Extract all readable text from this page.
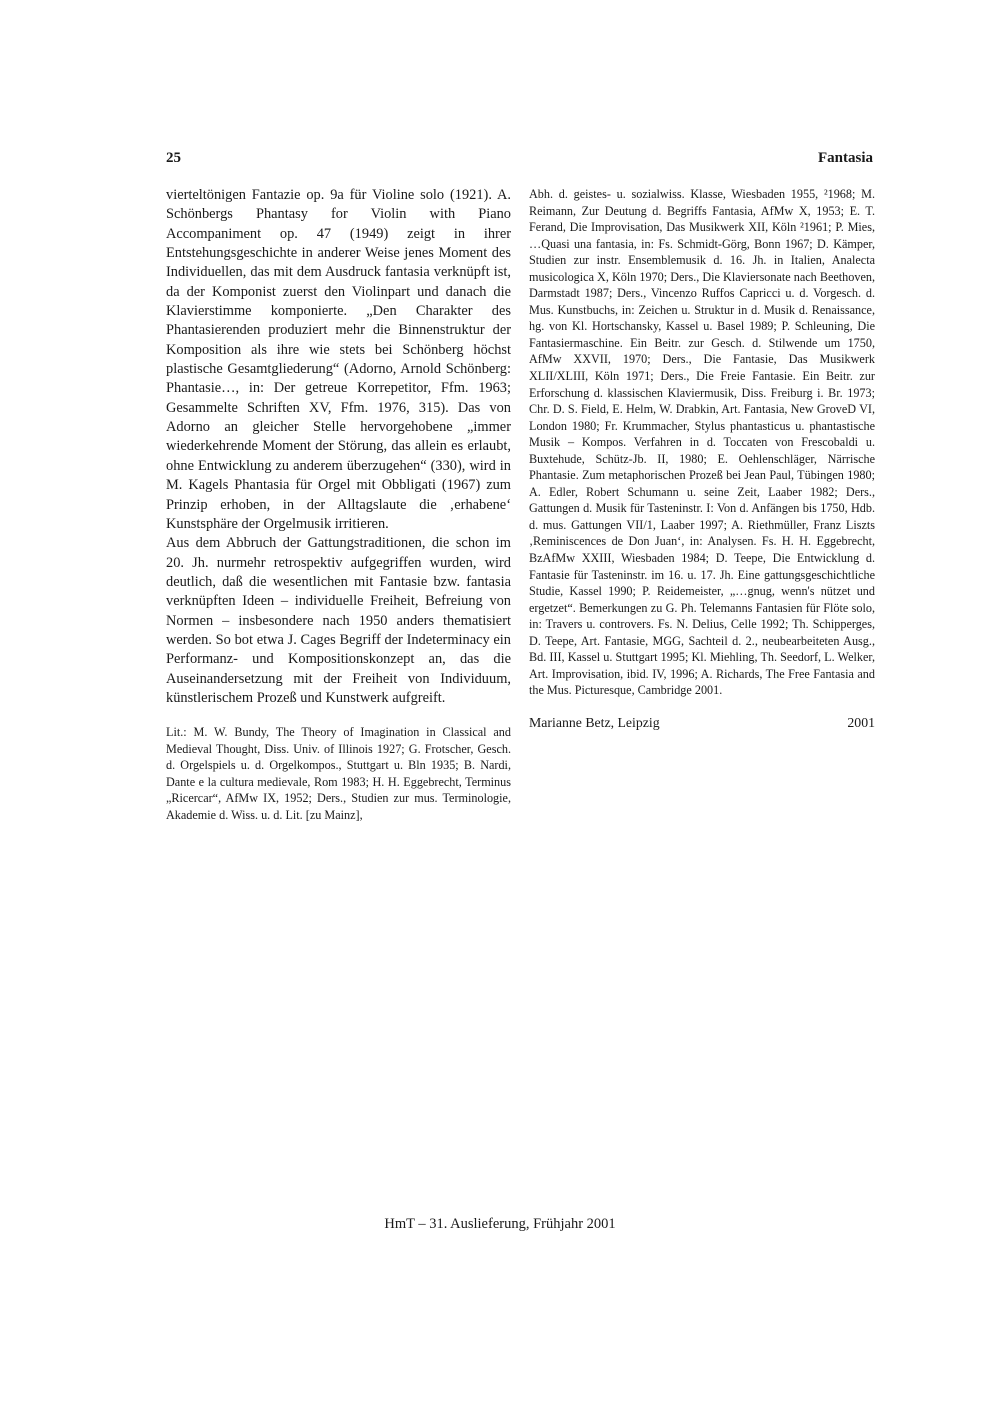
25	Fantasia

vierteltönigen Fantazie op. 9a für Violine solo (1921). A. Schönbergs Phantasy for Violin with Piano Accompaniment op. 47 (1949) zeigt in ihrer Entstehungsgeschichte in anderer Weise jenes Moment des Individuellen, das mit dem Ausdruck fantasia verknüpft ist, da der Komponist zuerst den Violinpart und danach die Klavierstimme komponierte. „Den Charakter des Phantasierenden produziert mehr die Binnenstruktur der Komposition als ihre wie stets bei Schönberg höchst plastische Gesamtgliederung“ (Adorno, Arnold Schönberg: Phantasie…, in: Der getreue Korrepetitor, Ffm. 1963; Gesammelte Schriften XV, Ffm. 1976, 315). Das von Adorno an gleicher Stelle hervorgehobene „immer wiederkehrende Moment der Störung, das allein es erlaubt, ohne Entwicklung zu anderem überzugehen“ (330), wird in M. Kagels Phantasia für Orgel mit Obbligati (1967) zum Prinzip erhoben, in der Alltagslaute die ‚erhabene‘ Kunstsphäre der Orgelmusik irritieren.

Aus dem Abbruch der Gattungstraditionen, die schon im 20. Jh. nurmehr retrospektiv aufgegriffen wurden, wird deutlich, daß die wesentlichen mit Fantasie bzw. fantasia verknüpften Ideen – individuelle Freiheit, Befreiung von Normen – insbesondere nach 1950 anders thematisiert werden. So bot etwa J. Cages Begriff der Indeterminacy ein Performanz- und Kompositionskonzept an, das die Auseinandersetzung mit der Freiheit von Individuum, künstlerischem Prozeß und Kunstwerk aufgreift.

Lit.: M. W. Bundy, The Theory of Imagination in Classical and Medieval Thought, Diss. Univ. of Illinois 1927; G. Frotscher, Gesch. d. Orgelspiels u. d. Orgelkompos., Stuttgart u. Bln 1935; B. Nardi, Dante e la cultura medievale, Rom 1983; H. H. Eggebrecht, Terminus „Ricercar“, AfMw IX, 1952; Ders., Studien zur mus. Terminologie, Akademie d. Wiss. u. d. Lit. [zu Mainz],

Abh. d. geistes- u. sozialwiss. Klasse, Wiesbaden 1955, ²1968; M. Reimann, Zur Deutung d. Begriffs Fantasia, AfMw X, 1953; E. T. Ferand, Die Improvisation, Das Musikwerk XII, Köln ²1961; P. Mies, …Quasi una fantasia, in: Fs. Schmidt-Görg, Bonn 1967; D. Kämper, Studien zur instr. Ensemblemusik d. 16. Jh. in Italien, Analecta musicologica X, Köln 1970; Ders., Die Klaviersonate nach Beethoven, Darmstadt 1987; Ders., Vincenzo Ruffos Capricci u. d. Vorgesch. d. Mus. Kunstbuchs, in: Zeichen u. Struktur in d. Musik d. Renaissance, hg. von Kl. Hortschansky, Kassel u. Basel 1989; P. Schleuning, Die Fantasiermaschine. Ein Beitr. zur Gesch. d. Stilwende um 1750, AfMw XXVII, 1970; Ders., Die Fantasie, Das Musikwerk XLII/XLIII, Köln 1971; Ders., Die Freie Fantasie. Ein Beitr. zur Erforschung d. klassischen Klaviermusik, Diss. Freiburg i. Br. 1973; Chr. D. S. Field, E. Helm, W. Drabkin, Art. Fantasia, New GroveD VI, London 1980; Fr. Krummacher, Stylus phantasticus u. phantastische Musik – Kompos. Verfahren in d. Toccaten von Frescobaldi u. Buxtehude, Schütz-Jb. II, 1980; E. Oehlenschläger, Närrische Phantasie. Zum metaphorischen Prozeß bei Jean Paul, Tübingen 1980; A. Edler, Robert Schumann u. seine Zeit, Laaber 1982; Ders., Gattungen d. Musik für Tasteninstr. I: Von d. Anfängen bis 1750, Hdb. d. mus. Gattungen VII/1, Laaber 1997; A. Riethmüller, Franz Liszts ‚Reminiscences de Don Juan‘, in: Analysen. Fs. H. H. Eggebrecht, BzAfMw XXIII, Wiesbaden 1984; D. Teepe, Die Entwicklung d. Fantasie für Tasteninstr. im 16. u. 17. Jh. Eine gattungsgeschichtliche Studie, Kassel 1990; P. Reidemeister, „…gnug, wenn's nützet und ergetzet“. Bemerkungen zu G. Ph. Telemanns Fantasien für Flöte solo, in: Travers u. controvers. Fs. N. Delius, Celle 1992; Th. Schipperges, D. Teepe, Art. Fantasie, MGG, Sachteil d. 2., neubearbeiteten Ausg., Bd. III, Kassel u. Stuttgart 1995; Kl. Miehling, Th. Seedorf, L. Welker, Art. Improvisation, ibid. IV, 1996; A. Richards, The Free Fantasia and the Mus. Picturesque, Cambridge 2001.

Marianne Betz, Leipzig	2001

HmT – 31. Auslieferung, Frühjahr 2001
